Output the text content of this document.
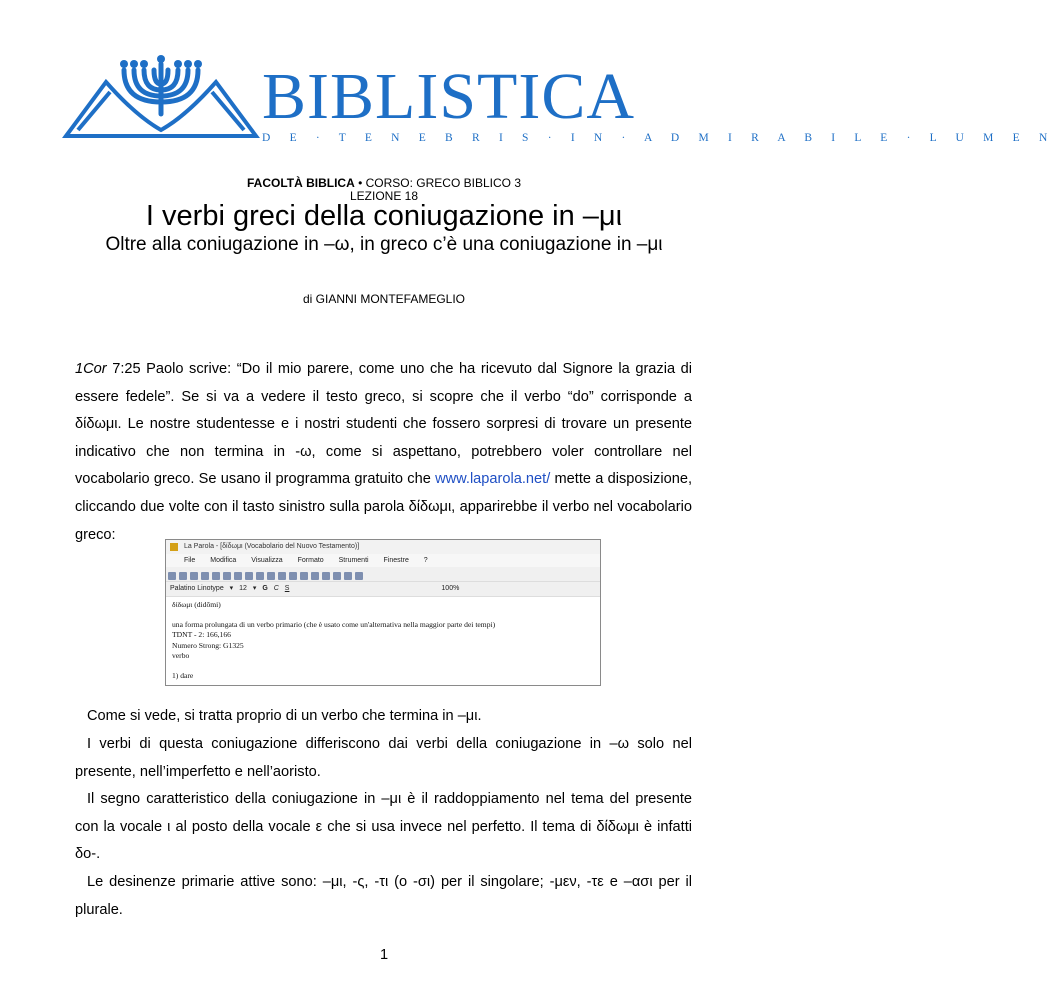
BIBLISTICA
D E · T E N E B R I S · I N · A D M I R A B I L E · L U M E N
FACOLTÀ BIBLICA • CORSO: GRECO BIBLICO 3
LEZIONE 18
I verbi greci della coniugazione in –μι
Oltre alla coniugazione in –ω, in greco c’è una coniugazione in –μι
di GIANNI MONTEFAMEGLIO
1Cor 7:25 Paolo scrive: “Do il mio parere, come uno che ha ricevuto dal Signore la grazia di essere fedele”. Se si va a vedere il testo greco, si scopre che il verbo “do” corrisponde a δίδωμι. Le nostre studentesse e i nostri studenti che fossero sorpresi di trovare un presente indicativo che non termina in -ω, come si aspettano, potrebbero voler controllare nel vocabolario greco. Se usano il programma gratuito che www.laparola.net/ mette a disposizione, cliccando due volte con il tasto sinistro sulla parola δίδωμι, apparirebbe il verbo nel vocabolario greco:
La Parola - [δίδωμι (Vocabolario del Nuovo Testamento)]
File Modifica Visualizza Formato Strumenti Finestre ?
Palatino Linotype ▾ 12 ▾ G C S	100%
δίδωμι (didōmi)
una forma prolungata di un verbo primario (che è usato come un'alternativa nella maggior parte dei tempi)
TDNT - 2: 166,166
Numero Strong: G1325
verbo
1) dare
Come si vede, si tratta proprio di un verbo che termina in –μι.
I verbi di questa coniugazione differiscono dai verbi della coniugazione in –ω solo nel presente, nell’imperfetto e nell’aoristo.
Il segno caratteristico della coniugazione in –μι è il raddoppiamento nel tema del presente con la vocale ι al posto della vocale ε che si usa invece nel perfetto. Il tema di δίδωμι è infatti δο-.
Le desinenze primarie attive sono: –μι, -ς, -τι (o -σι) per il singolare; -μεν, -τε e –ασι per il plurale.
1
